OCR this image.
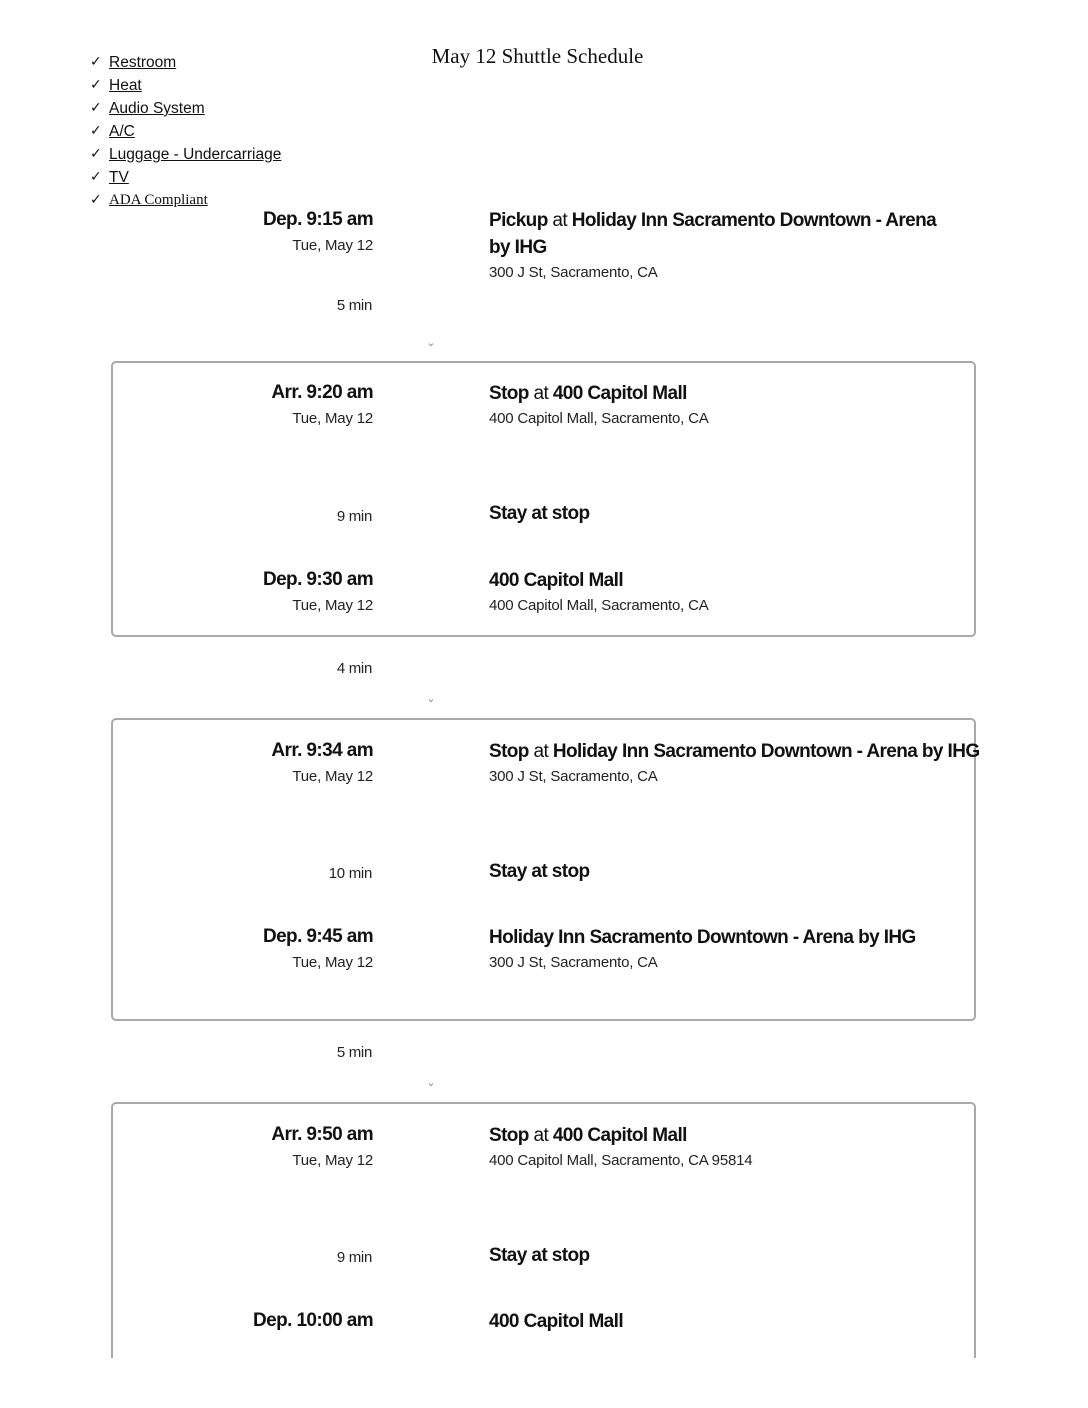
May 12 Shuttle Schedule
✓ Restroom
✓ Heat
✓ Audio System
✓ A/C
✓ Luggage - Undercarriage
✓ TV
✓ ADA Compliant
Dep. 9:15 am
Tue, May 12
Pickup at Holiday Inn Sacramento Downtown - Arena by IHG
300 J St, Sacramento, CA
5 min
⌄
Arr. 9:20 am
Tue, May 12
Stop at 400 Capitol Mall
400 Capitol Mall, Sacramento, CA
9 min	Stay at stop
Dep. 9:30 am
Tue, May 12
400 Capitol Mall
400 Capitol Mall, Sacramento, CA
4 min
⌄
Arr. 9:34 am
Tue, May 12
Stop at Holiday Inn Sacramento Downtown - Arena by IHG
300 J St, Sacramento, CA
10 min	Stay at stop
Dep. 9:45 am
Tue, May 12
Holiday Inn Sacramento Downtown - Arena by IHG
300 J St, Sacramento, CA
5 min
⌄
Arr. 9:50 am
Tue, May 12
Stop at 400 Capitol Mall
400 Capitol Mall, Sacramento, CA 95814
9 min	Stay at stop
Dep. 10:00 am	400 Capitol Mall
